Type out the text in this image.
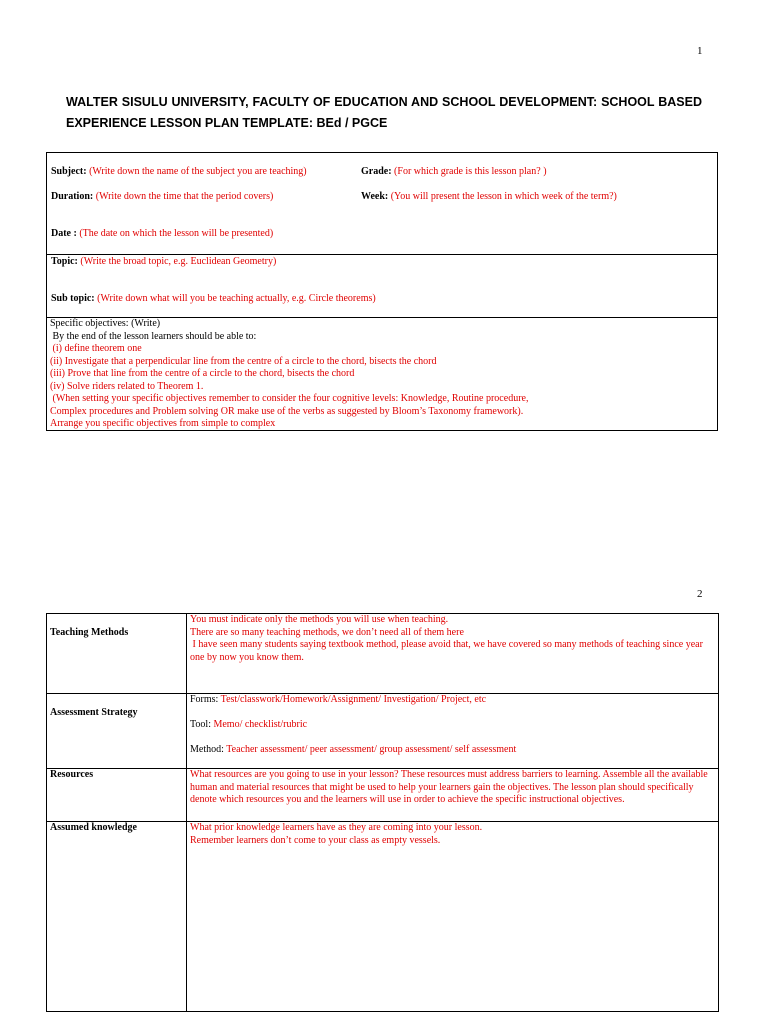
1
WALTER SISULU UNIVERSITY, FACULTY OF EDUCATION AND SCHOOL DEVELOPMENT: SCHOOL BASED EXPERIENCE LESSON PLAN TEMPLATE: BEd / PGCE
Subject: (Write down the name of the subject you are teaching)	Grade: (For which grade is this lesson plan? )
Duration: (Write down the time that the period covers)	Week: (You will present the lesson in which week of the term?)
Date : (The date on which the lesson will be presented)
Topic: (Write the broad topic, e.g. Euclidean Geometry)
Sub topic: (Write down what will you be teaching actually, e.g. Circle theorems)
Specific objectives: (Write)
By the end of the lesson learners should be able to:
(i) define theorem one
(ii) Investigate that a perpendicular line from the centre of a circle to the chord, bisects the chord
(iii) Prove that line from the centre of a circle to the chord, bisects the chord
(iv) Solve riders related to Theorem 1.
(When setting your specific objectives remember to consider the four cognitive levels: Knowledge, Routine procedure,
Complex procedures and Problem solving OR make use of the verbs as suggested by Bloom’s Taxonomy framework).
Arrange you specific objectives from simple to complex
2
Teaching Methods	You must indicate only the methods you will use when teaching.
There are so many teaching methods, we don’t need all of them here
I have seen many students saying textbook method, please avoid that, we have covered so many methods of teaching since year one by now you know them.

Assessment Strategy	Forms: Test/classwork/Homework/Assignment/ Investigation/ Project, etc
Tool: Memo/ checklist/rubric
Method: Teacher assessment/ peer assessment/ group assessment/ self assessment

Resources	What resources are you going to use in your lesson? These resources must address barriers to learning. Assemble all the available human and material resources that might be used to help your learners gain the objectives. The lesson plan should specifically denote which resources you and the learners will use in order to achieve the specific instructional objectives.

Assumed knowledge	What prior knowledge learners have as they are coming into your lesson.
Remember learners don’t come to your class as empty vessels.
